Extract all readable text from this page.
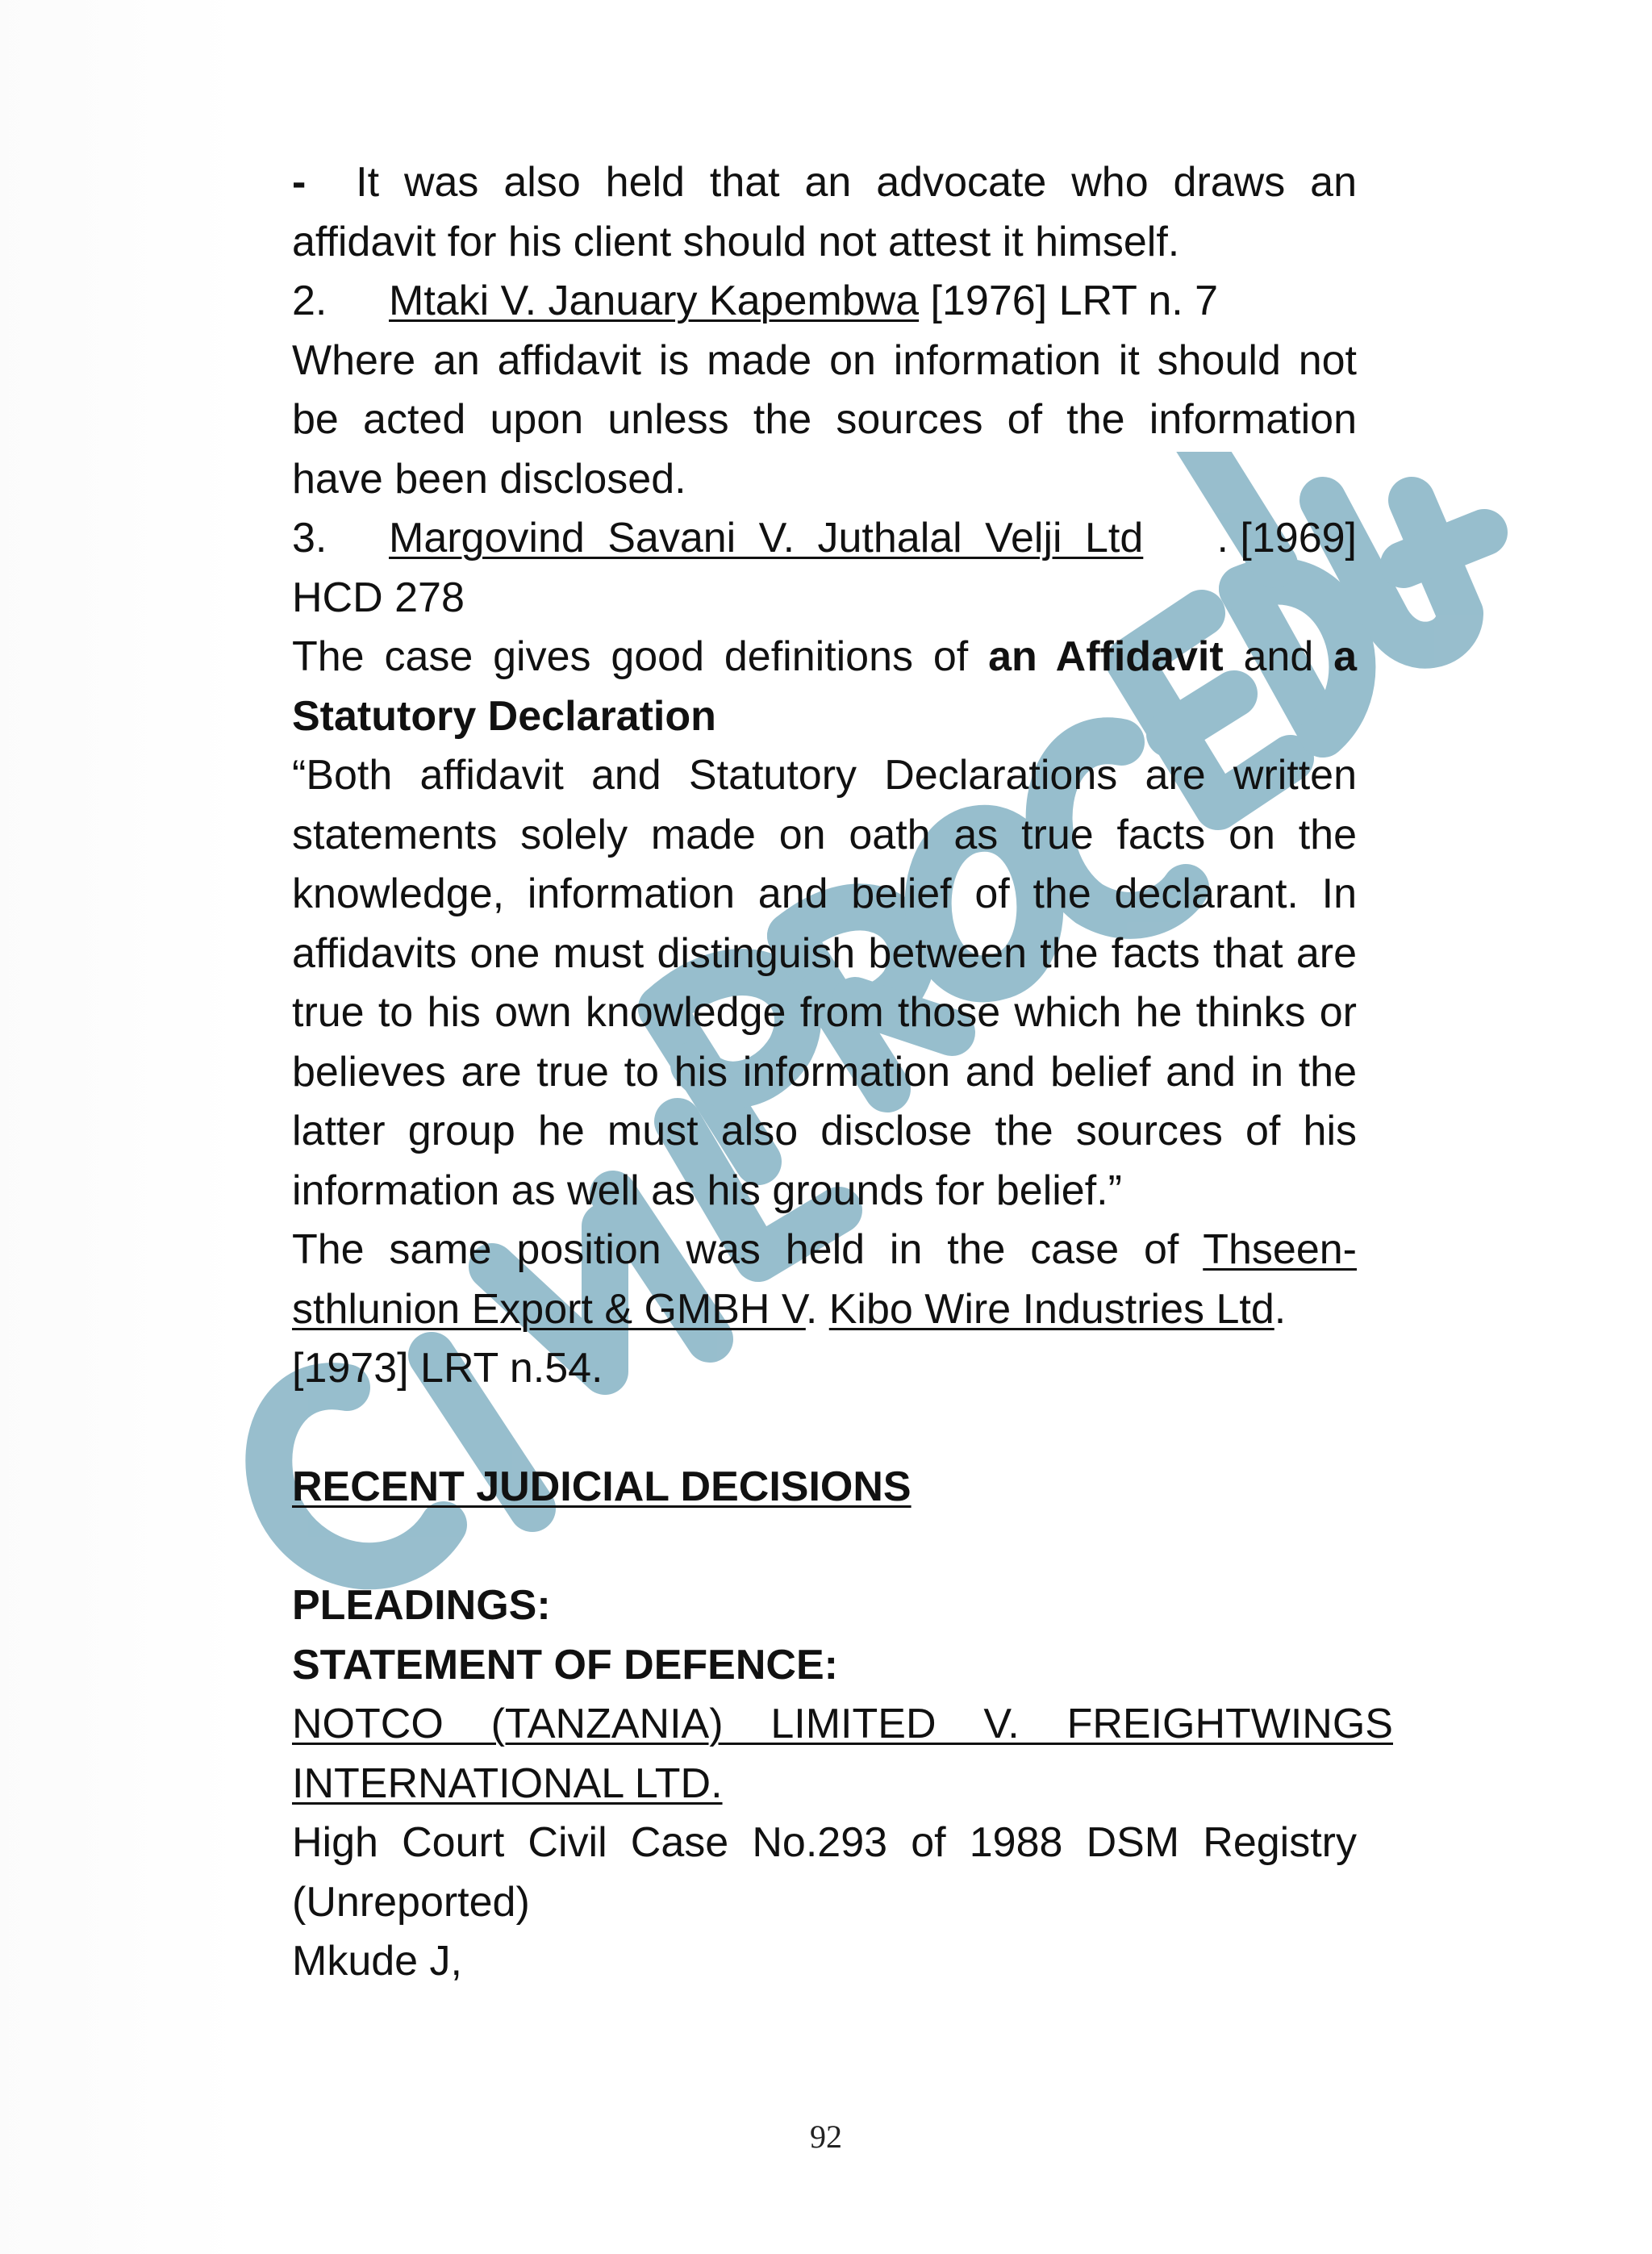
- It was also held that an advocate who draws an affidavit for his client should not attest it himself.

2.	Mtaki V. January Kapembwa [1976] LRT n. 7

Where an affidavit is made on information it should not be acted upon unless the sources of the information have been disclosed.

3.	Margovind Savani V. Juthalal Velji Ltd . [1969]

HCD 278

The case gives good definitions of an Affidavit and a Statutory Declaration

“Both affidavit and Statutory Declarations are written statements solely made on oath as true facts on the knowledge, information and belief of the declarant. In affidavits one must distinguish between the facts that are true to his own knowledge from those which he thinks or believes are true to his information and belief and in the latter group he must also disclose the sources of his information as well as his grounds for belief.”

The same position was held in the case of Thseen-sthlunion Export & GMBH V. Kibo Wire Industries Ltd.

[1973] LRT n.54.

RECENT JUDICIAL DECISIONS

PLEADINGS:

STATEMENT OF DEFENCE:

NOTCO (TANZANIA) LIMITED V. FREIGHTWINGS

INTERNATIONAL LTD.

High Court Civil Case No.293 of 1988 DSM Registry (Unreported)

Mkude J,

92
